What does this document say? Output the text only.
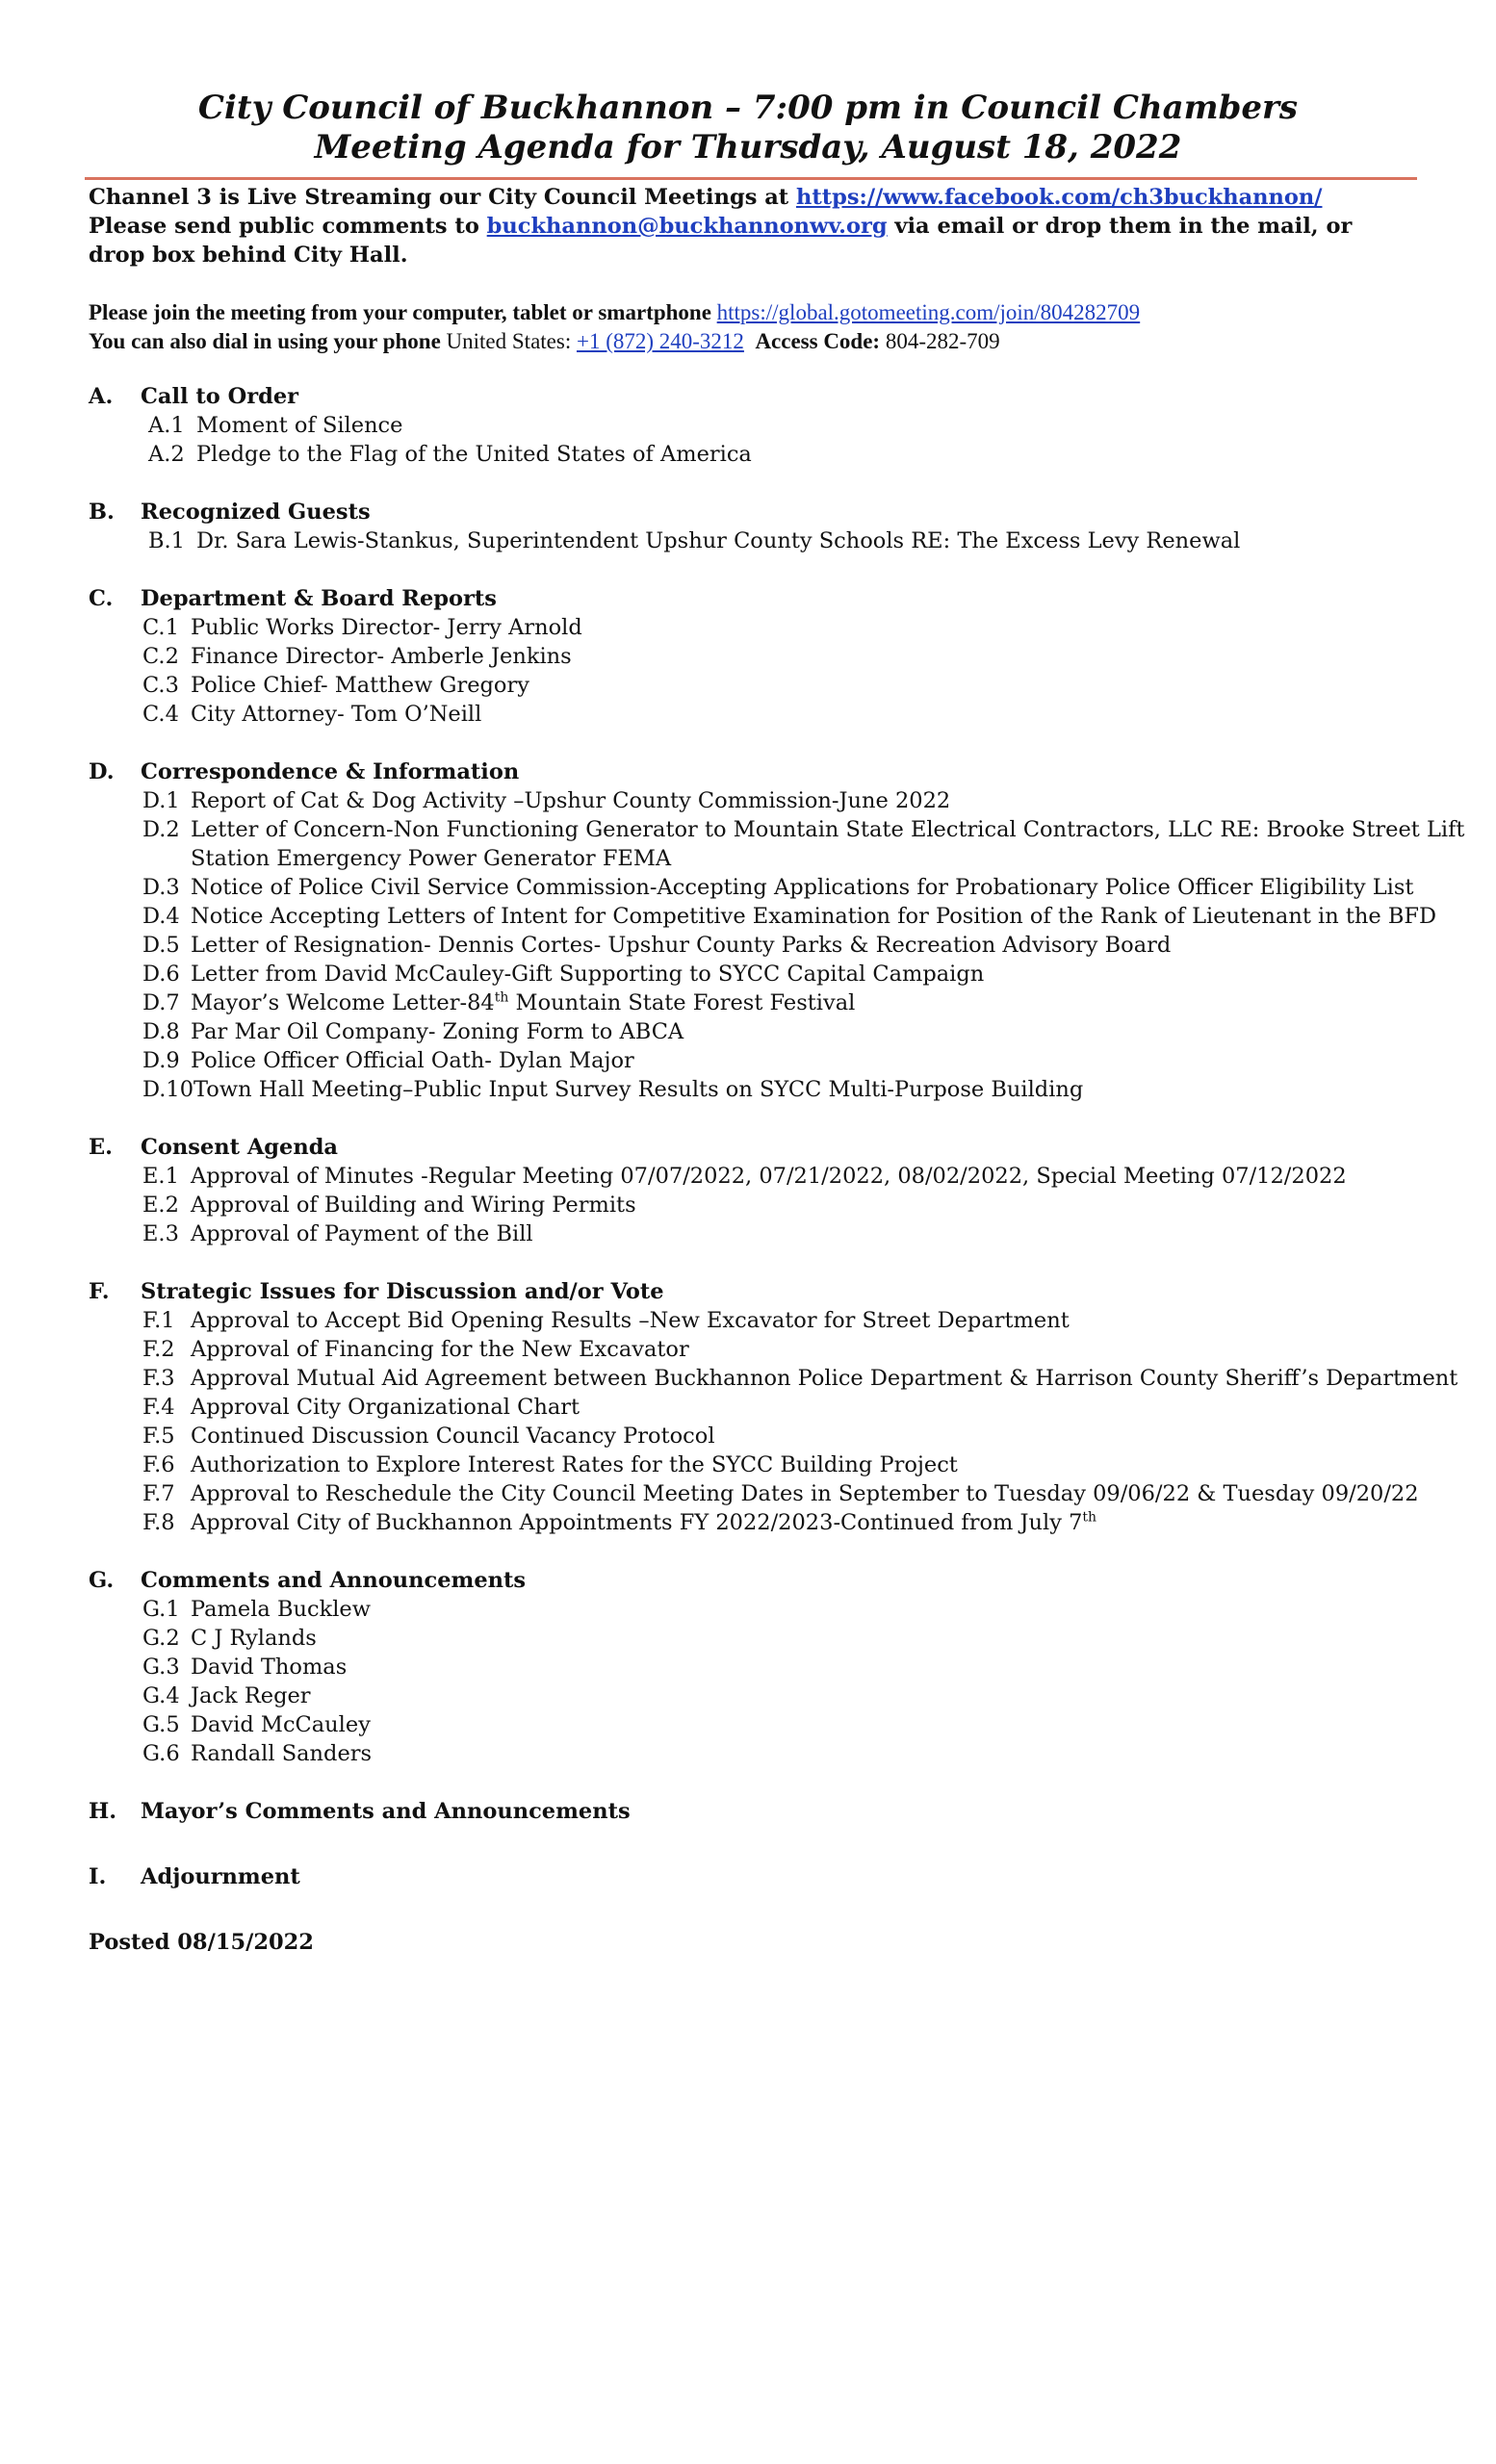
City Council of Buckhannon – 7:00 pm in Council Chambers
Meeting Agenda for Thursday, August 18, 2022
Channel 3 is Live Streaming our City Council Meetings at https://www.facebook.com/ch3buckhannon/ Please send public comments to buckhannon@buckhannonwv.org via email or drop them in the mail, or drop box behind City Hall.
Please join the meeting from your computer, tablet or smartphone https://global.gotomeeting.com/join/804282709
You can also dial in using your phone United States: +1 (872) 240-3212 Access Code: 804-282-709
A. Call to Order
A.1 Moment of Silence
A.2 Pledge to the Flag of the United States of America
B. Recognized Guests
B.1 Dr. Sara Lewis-Stankus, Superintendent Upshur County Schools RE: The Excess Levy Renewal
C. Department & Board Reports
C.1 Public Works Director- Jerry Arnold
C.2 Finance Director- Amberle Jenkins
C.3 Police Chief- Matthew Gregory
C.4 City Attorney- Tom O’Neill
D. Correspondence & Information
D.1 Report of Cat & Dog Activity –Upshur County Commission-June 2022
D.2 Letter of Concern-Non Functioning Generator to Mountain State Electrical Contractors, LLC RE: Brooke Street Lift
Station Emergency Power Generator FEMA
D.3 Notice of Police Civil Service Commission-Accepting Applications for Probationary Police Officer Eligibility List
D.4 Notice Accepting Letters of Intent for Competitive Examination for Position of the Rank of Lieutenant in the BFD
D.5 Letter of Resignation- Dennis Cortes- Upshur County Parks & Recreation Advisory Board
D.6 Letter from David McCauley-Gift Supporting to SYCC Capital Campaign
D.7 Mayor’s Welcome Letter-84th Mountain State Forest Festival
D.8 Par Mar Oil Company- Zoning Form to ABCA
D.9 Police Officer Official Oath- Dylan Major
D.10Town Hall Meeting–Public Input Survey Results on SYCC Multi-Purpose Building
E. Consent Agenda
E.1 Approval of Minutes -Regular Meeting 07/07/2022, 07/21/2022, 08/02/2022, Special Meeting 07/12/2022
E.2 Approval of Building and Wiring Permits
E.3 Approval of Payment of the Bill
F. Strategic Issues for Discussion and/or Vote
F.1 Approval to Accept Bid Opening Results –New Excavator for Street Department
F.2 Approval of Financing for the New Excavator
F.3 Approval Mutual Aid Agreement between Buckhannon Police Department & Harrison County Sheriff’s Department
F.4 Approval City Organizational Chart
F.5 Continued Discussion Council Vacancy Protocol
F.6 Authorization to Explore Interest Rates for the SYCC Building Project
F.7 Approval to Reschedule the City Council Meeting Dates in September to Tuesday 09/06/22 & Tuesday 09/20/22
F.8 Approval City of Buckhannon Appointments FY 2022/2023-Continued from July 7th
G. Comments and Announcements
G.1 Pamela Bucklew
G.2 C J Rylands
G.3 David Thomas
G.4 Jack Reger
G.5 David McCauley
G.6 Randall Sanders
H. Mayor’s Comments and Announcements
I. Adjournment
Posted 08/15/2022
